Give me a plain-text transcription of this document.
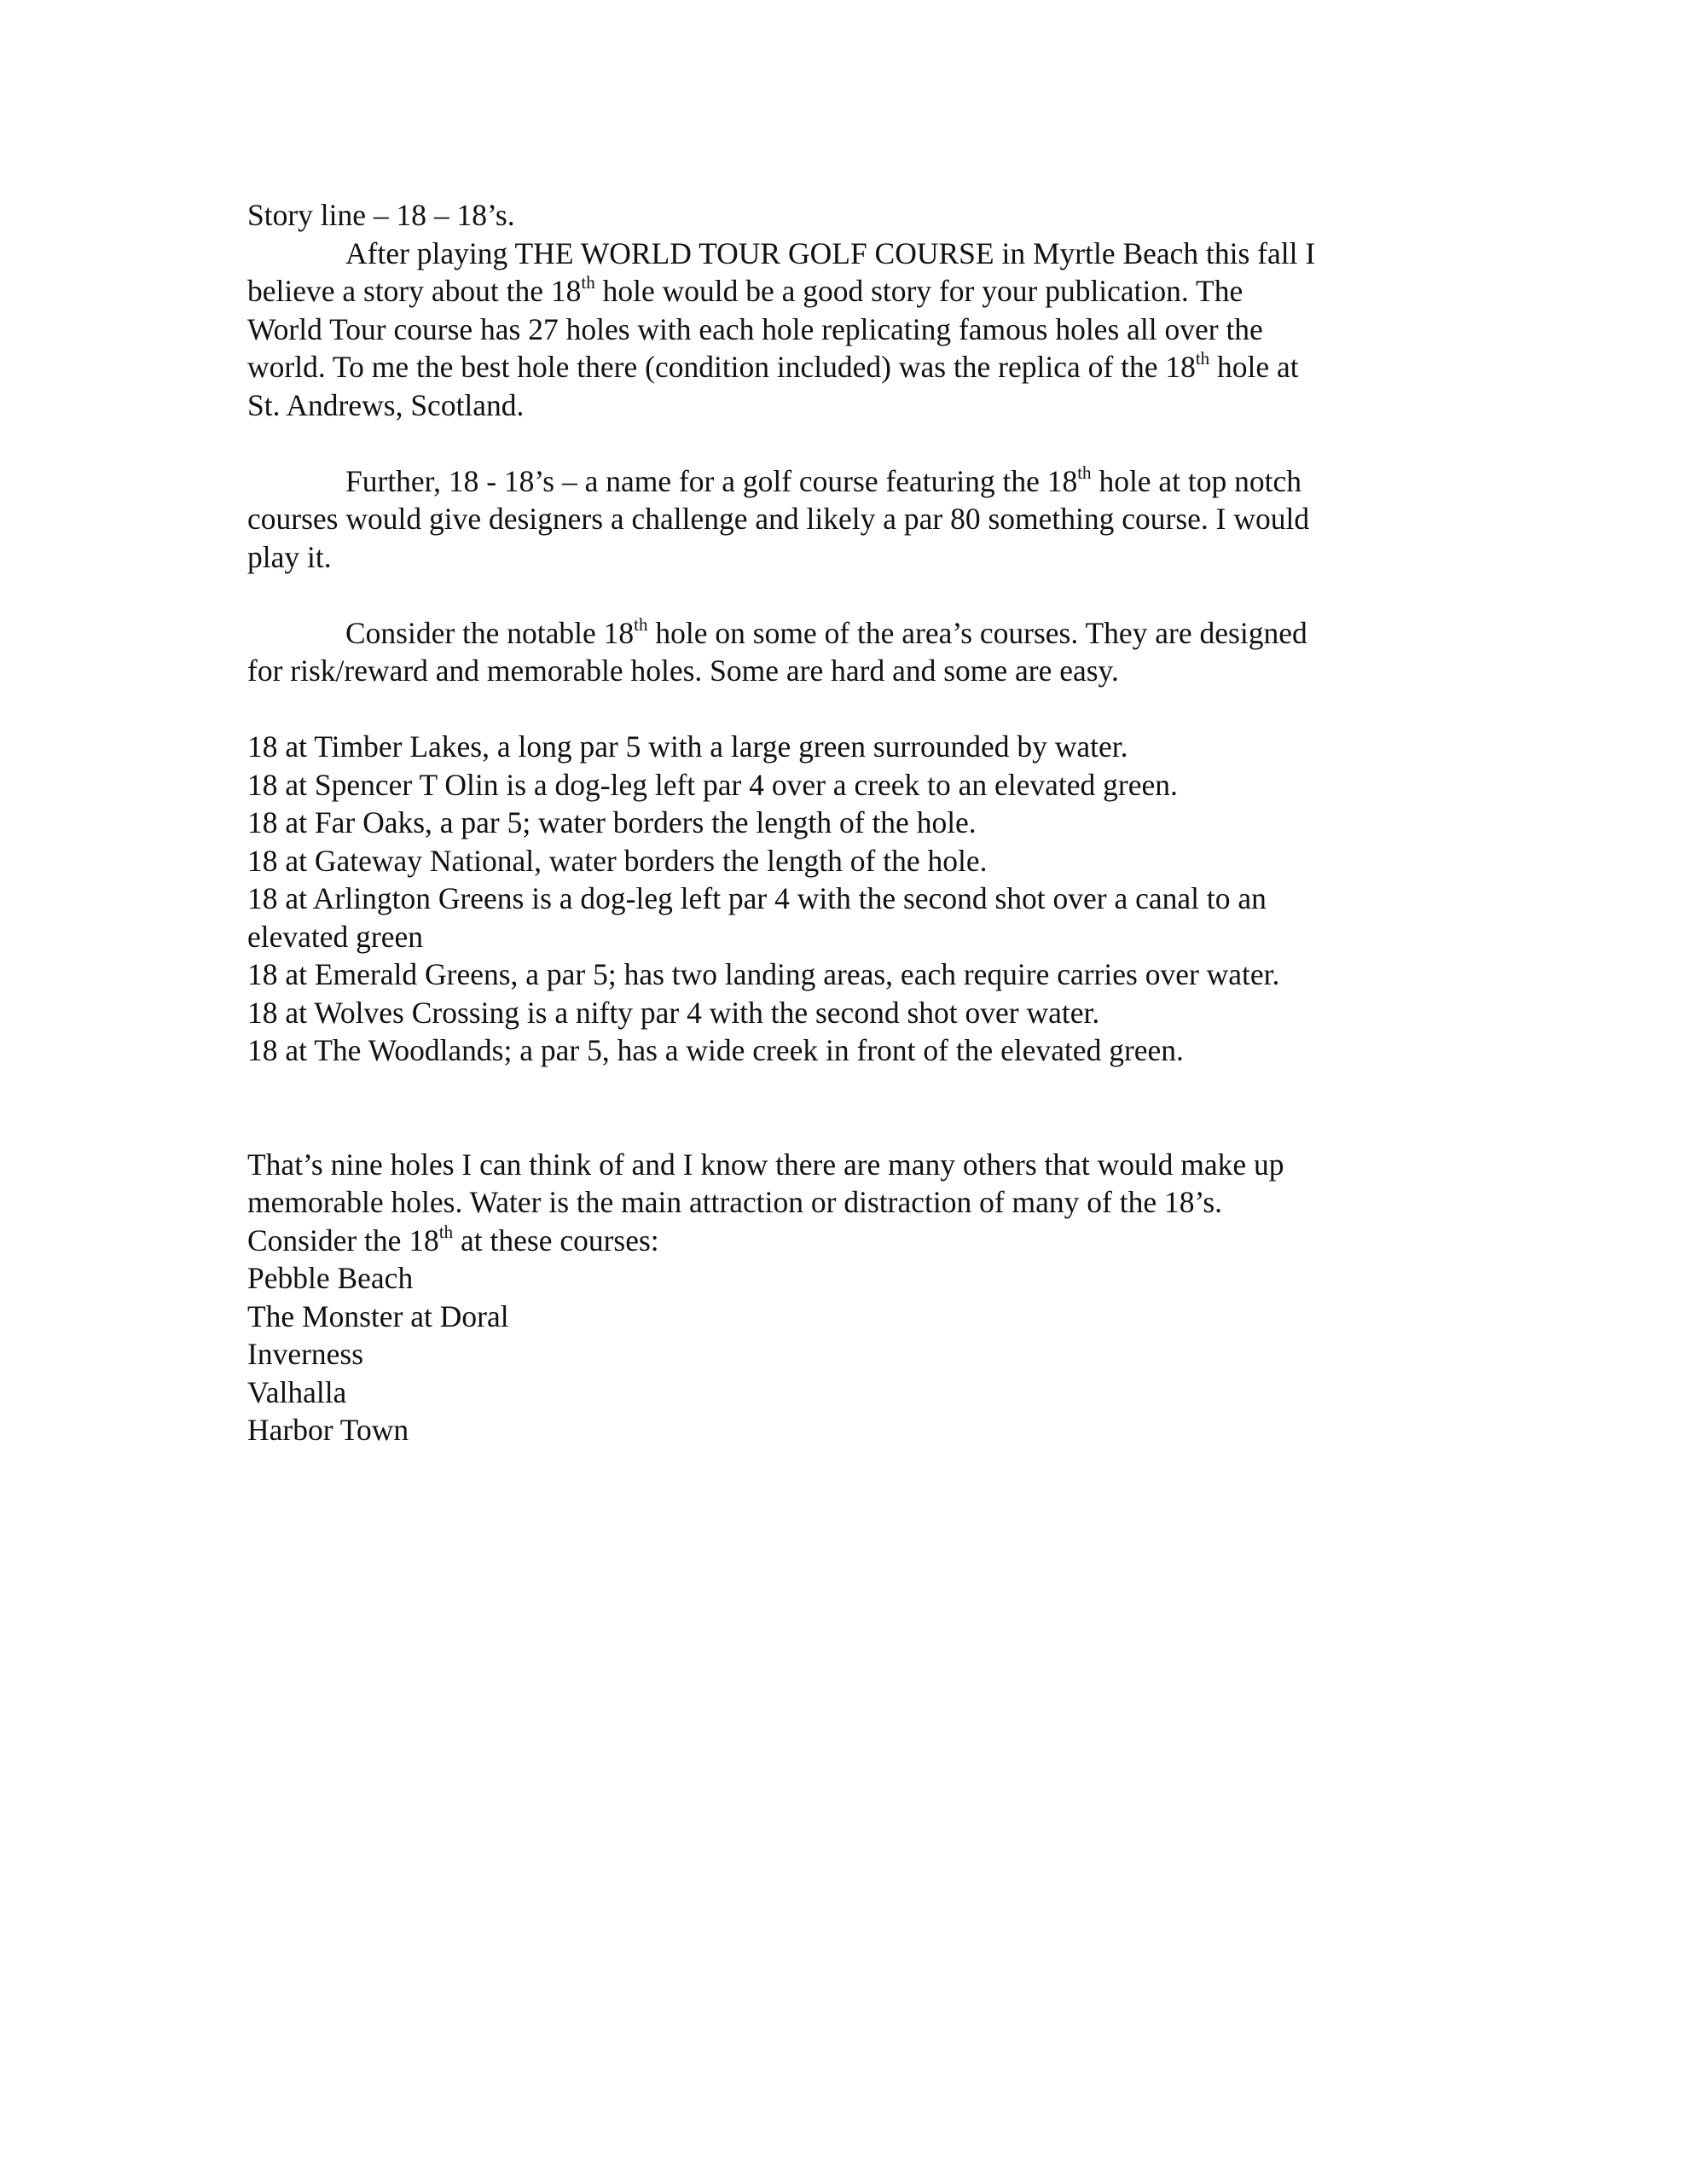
Story line – 18 – 18’s.
After playing THE WORLD TOUR GOLF COURSE in Myrtle Beach this fall I
believe a story about the 18th hole would be a good story for your publication. The
World Tour course has 27 holes with each hole replicating famous holes all over the
world. To me the best hole there (condition included) was the replica of the 18th hole at
St. Andrews, Scotland.
Further, 18 - 18’s – a name for a golf course featuring the 18th hole at top notch
courses would give designers a challenge and likely a par 80 something course. I would
play it.
Consider the notable 18th hole on some of the area’s courses. They are designed
for risk/reward and memorable holes. Some are hard and some are easy.
18 at Timber Lakes, a long par 5 with a large green surrounded by water.
18 at Spencer T Olin is a dog-leg left par 4 over a creek to an elevated green.
18 at Far Oaks, a par 5; water borders the length of the hole.
18 at Gateway National, water borders the length of the hole.
18 at Arlington Greens is a dog-leg left par 4 with the second shot over a canal to an
elevated green
18 at Emerald Greens, a par 5; has two landing areas, each require carries over water.
18 at Wolves Crossing is a nifty par 4 with the second shot over water.
18 at The Woodlands; a par 5, has a wide creek in front of the elevated green.
That’s nine holes I can think of and I know there are many others that would make up
memorable holes. Water is the main attraction or distraction of many of the 18’s.
Consider the 18th at these courses:
Pebble Beach
The Monster at Doral
Inverness
Valhalla
Harbor Town
